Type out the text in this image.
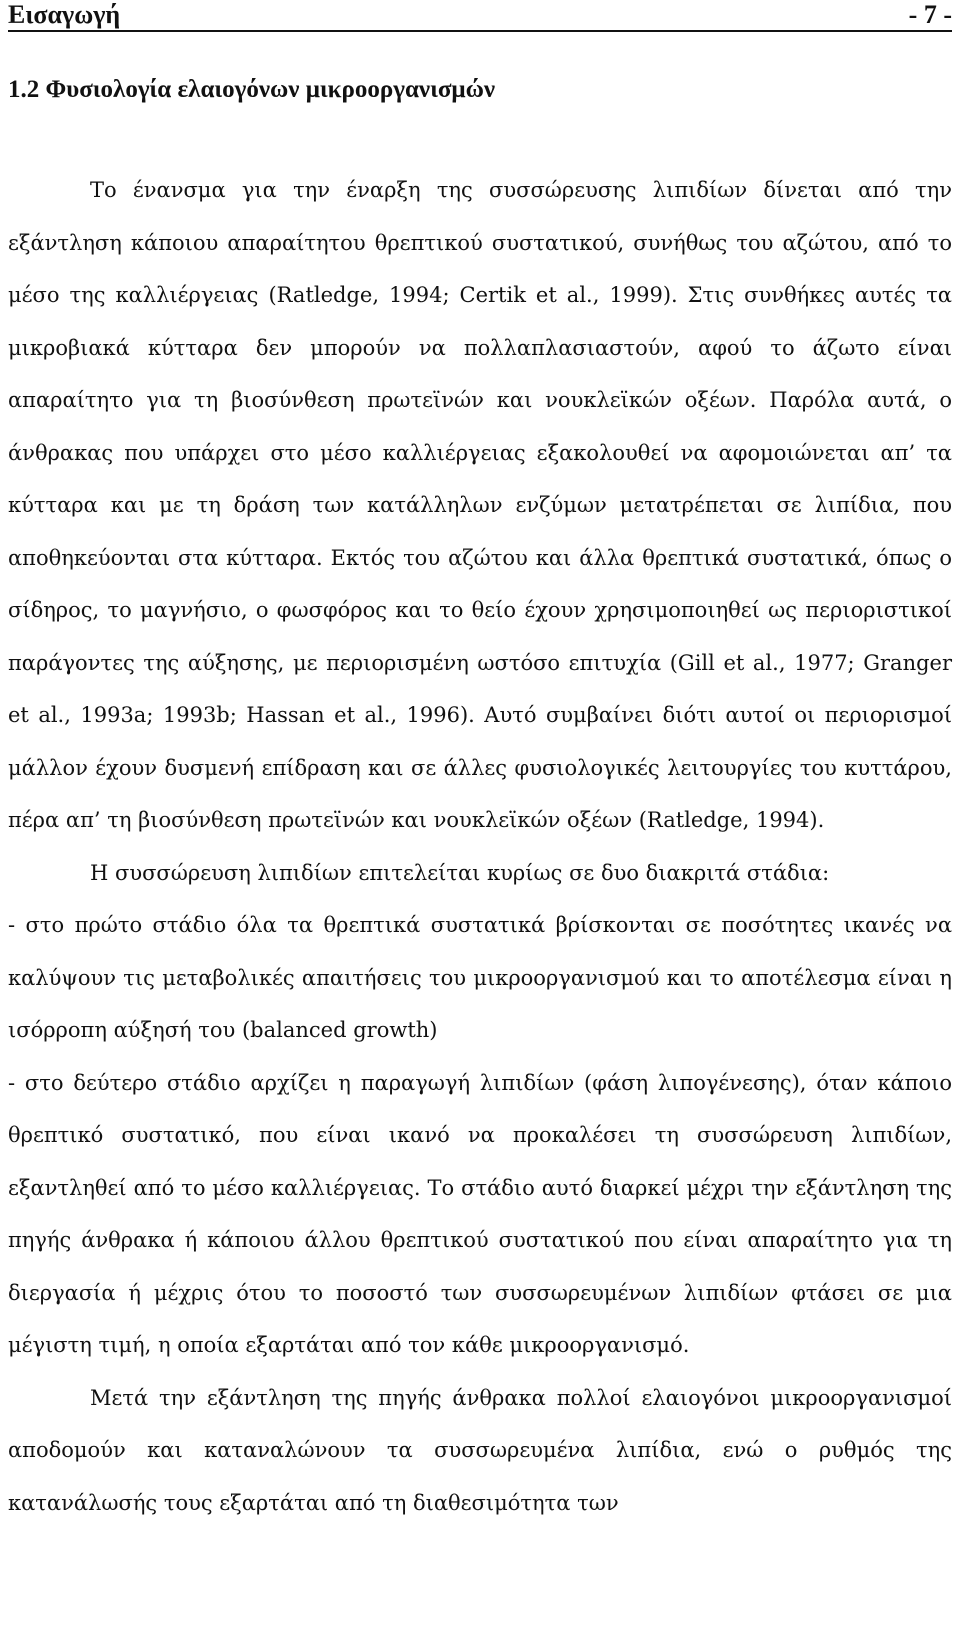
Εισαγωγή	- 7 -
1.2 Φυσιολογία ελαιογόνων μικροοργανισμών

Το ένανσμα για την έναρξη της συσσώρευσης λιπιδίων δίνεται από την εξάντληση κάποιου απαραίτητου θρεπτικού συστατικού, συνήθως του αζώτου, από το μέσο της καλλιέργειας (Ratledge, 1994; Certik et al., 1999). Στις συνθήκες αυτές τα μικροβιακά κύτταρα δεν μπορούν να πολλαπλασιαστούν, αφού το άζωτο είναι απαραίτητο για τη βιοσύνθεση πρωτεϊνών και νουκλεϊκών οξέων. Παρόλα αυτά, ο άνθρακας που υπάρχει στο μέσο καλλιέργειας εξακολουθεί να αφομοιώνεται απ’ τα κύτταρα και με τη δράση των κατάλληλων ενζύμων μετατρέπεται σε λιπίδια, που αποθηκεύονται στα κύτταρα. Εκτός του αζώτου και άλλα θρεπτικά συστατικά, όπως ο σίδηρος, το μαγνήσιο, ο φωσφόρος και το θείο έχουν χρησιμοποιηθεί ως περιοριστικοί παράγοντες της αύξησης, με περιορισμένη ωστόσο επιτυχία (Gill et al., 1977; Granger et al., 1993a; 1993b; Hassan et al., 1996). Αυτό συμβαίνει διότι αυτοί οι περιορισμοί μάλλον έχουν δυσμενή επίδραση και σε άλλες φυσιολογικές λειτουργίες του κυττάρου, πέρα απ’ τη βιοσύνθεση πρωτεϊνών και νουκλεϊκών οξέων (Ratledge, 1994).

Η συσσώρευση λιπιδίων επιτελείται κυρίως σε δυο διακριτά στάδια:

- στο πρώτο στάδιο όλα τα θρεπτικά συστατικά βρίσκονται σε ποσότητες ικανές να καλύψουν τις μεταβολικές απαιτήσεις του μικροοργανισμού και το αποτέλεσμα είναι η ισόρροπη αύξησή του (balanced growth)

- στο δεύτερο στάδιο αρχίζει η παραγωγή λιπιδίων (φάση λιπογένεσης), όταν κάποιο θρεπτικό συστατικό, που είναι ικανό να προκαλέσει τη συσσώρευση λιπιδίων, εξαντληθεί από το μέσο καλλιέργειας. Το στάδιο αυτό διαρκεί μέχρι την εξάντληση της πηγής άνθρακα ή κάποιου άλλου θρεπτικού συστατικού που είναι απαραίτητο για τη διεργασία ή μέχρις ότου το ποσοστό των συσσωρευμένων λιπιδίων φτάσει σε μια μέγιστη τιμή, η οποία εξαρτάται από τον κάθε μικροοργανισμό.

Μετά την εξάντληση της πηγής άνθρακα πολλοί ελαιογόνοι μικροοργανισμοί αποδομούν και καταναλώνουν τα συσσωρευμένα λιπίδια, ενώ ο ρυθμός της κατανάλωσής τους εξαρτάται από τη διαθεσιμότητα των
